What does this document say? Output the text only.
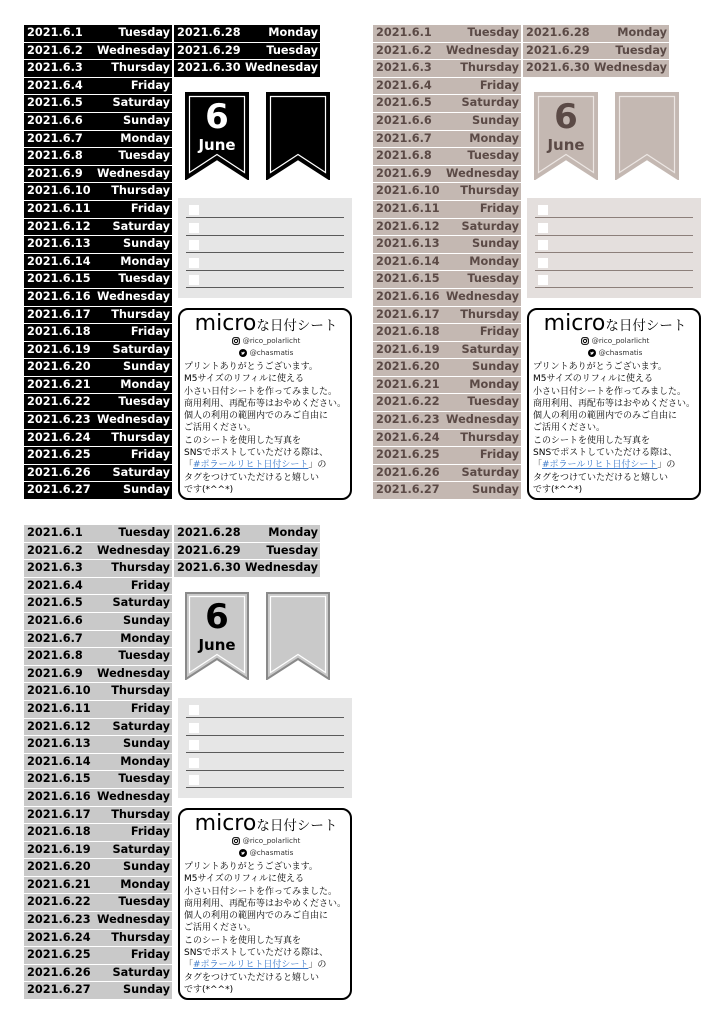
2021.6.1	Tuesday
2021.6.2 Wednesday
2021.6.3	Thursday
2021.6.4	Friday
2021.6.5	Saturday
2021.6.6	Sunday
2021.6.7	Monday
2021.6.8	Tuesday
2021.6.9 Wednesday
2021.6.10 Thursday
2021.6.11	Friday
2021.6.12 Saturday
2021.6.13	Sunday
2021.6.14	Monday
2021.6.15 Tuesday
2021.6.16 Wednesday
2021.6.17 Thursday
2021.6.18	Friday
2021.6.19 Saturday
2021.6.20	Sunday
2021.6.21	Monday
2021.6.22 Tuesday
2021.6.23 Wednesday
2021.6.24 Thursday
2021.6.25	Friday
2021.6.26 Saturday
2021.6.27	Sunday
2021.6.28 Monday
2021.6.29 Tuesday
2021.6.30 Wednesday
6
June
microな日付シート
@rico_polarlicht
@chasmatis
プリントありがとうございます。
M5サイズのリフィルに使える
小さい日付シートを作ってみました。
商用利用、再配布等はおやめください。
個人の利用の範囲内でのみご自由に
ご活用ください。
このシートを使用した写真を
SNSでポストしていただける際は、
「#ポラールリヒト日付シート」の
タグをつけていただけると嬉しい
です(*^^*)
2021.6.1	Tuesday
2021.6.2 Wednesday
2021.6.3	Thursday
2021.6.4	Friday
2021.6.5	Saturday
2021.6.6	Sunday
2021.6.7	Monday
2021.6.8	Tuesday
2021.6.9 Wednesday
2021.6.10 Thursday
2021.6.11	Friday
2021.6.12 Saturday
2021.6.13	Sunday
2021.6.14	Monday
2021.6.15 Tuesday
2021.6.16 Wednesday
2021.6.17 Thursday
2021.6.18	Friday
2021.6.19 Saturday
2021.6.20	Sunday
2021.6.21	Monday
2021.6.22 Tuesday
2021.6.23 Wednesday
2021.6.24 Thursday
2021.6.25	Friday
2021.6.26 Saturday
2021.6.27	Sunday
2021.6.28 Monday
2021.6.29 Tuesday
2021.6.30 Wednesday
6
June
microな日付シート
@rico_polarlicht
@chasmatis
プリントありがとうございます。
M5サイズのリフィルに使える
小さい日付シートを作ってみました。
商用利用、再配布等はおやめください。
個人の利用の範囲内でのみご自由に
ご活用ください。
このシートを使用した写真を
SNSでポストしていただける際は、
「#ポラールリヒト日付シート」の
タグをつけていただけると嬉しい
です(*^^*)
2021.6.1	Tuesday
2021.6.2 Wednesday
2021.6.3	Thursday
2021.6.4	Friday
2021.6.5	Saturday
2021.6.6	Sunday
2021.6.7	Monday
2021.6.8	Tuesday
2021.6.9 Wednesday
2021.6.10 Thursday
2021.6.11	Friday
2021.6.12 Saturday
2021.6.13	Sunday
2021.6.14	Monday
2021.6.15 Tuesday
2021.6.16 Wednesday
2021.6.17 Thursday
2021.6.18	Friday
2021.6.19 Saturday
2021.6.20	Sunday
2021.6.21	Monday
2021.6.22 Tuesday
2021.6.23 Wednesday
2021.6.24 Thursday
2021.6.25	Friday
2021.6.26 Saturday
2021.6.27	Sunday
2021.6.28 Monday
2021.6.29 Tuesday
2021.6.30 Wednesday
6
June
microな日付シート
@rico_polarlicht
@chasmatis
プリントありがとうございます。
M5サイズのリフィルに使える
小さい日付シートを作ってみました。
商用利用、再配布等はおやめください。
個人の利用の範囲内でのみご自由に
ご活用ください。
このシートを使用した写真を
SNSでポストしていただける際は、
「#ポラールリヒト日付シート」の
タグをつけていただけると嬉しい
です(*^^*)
